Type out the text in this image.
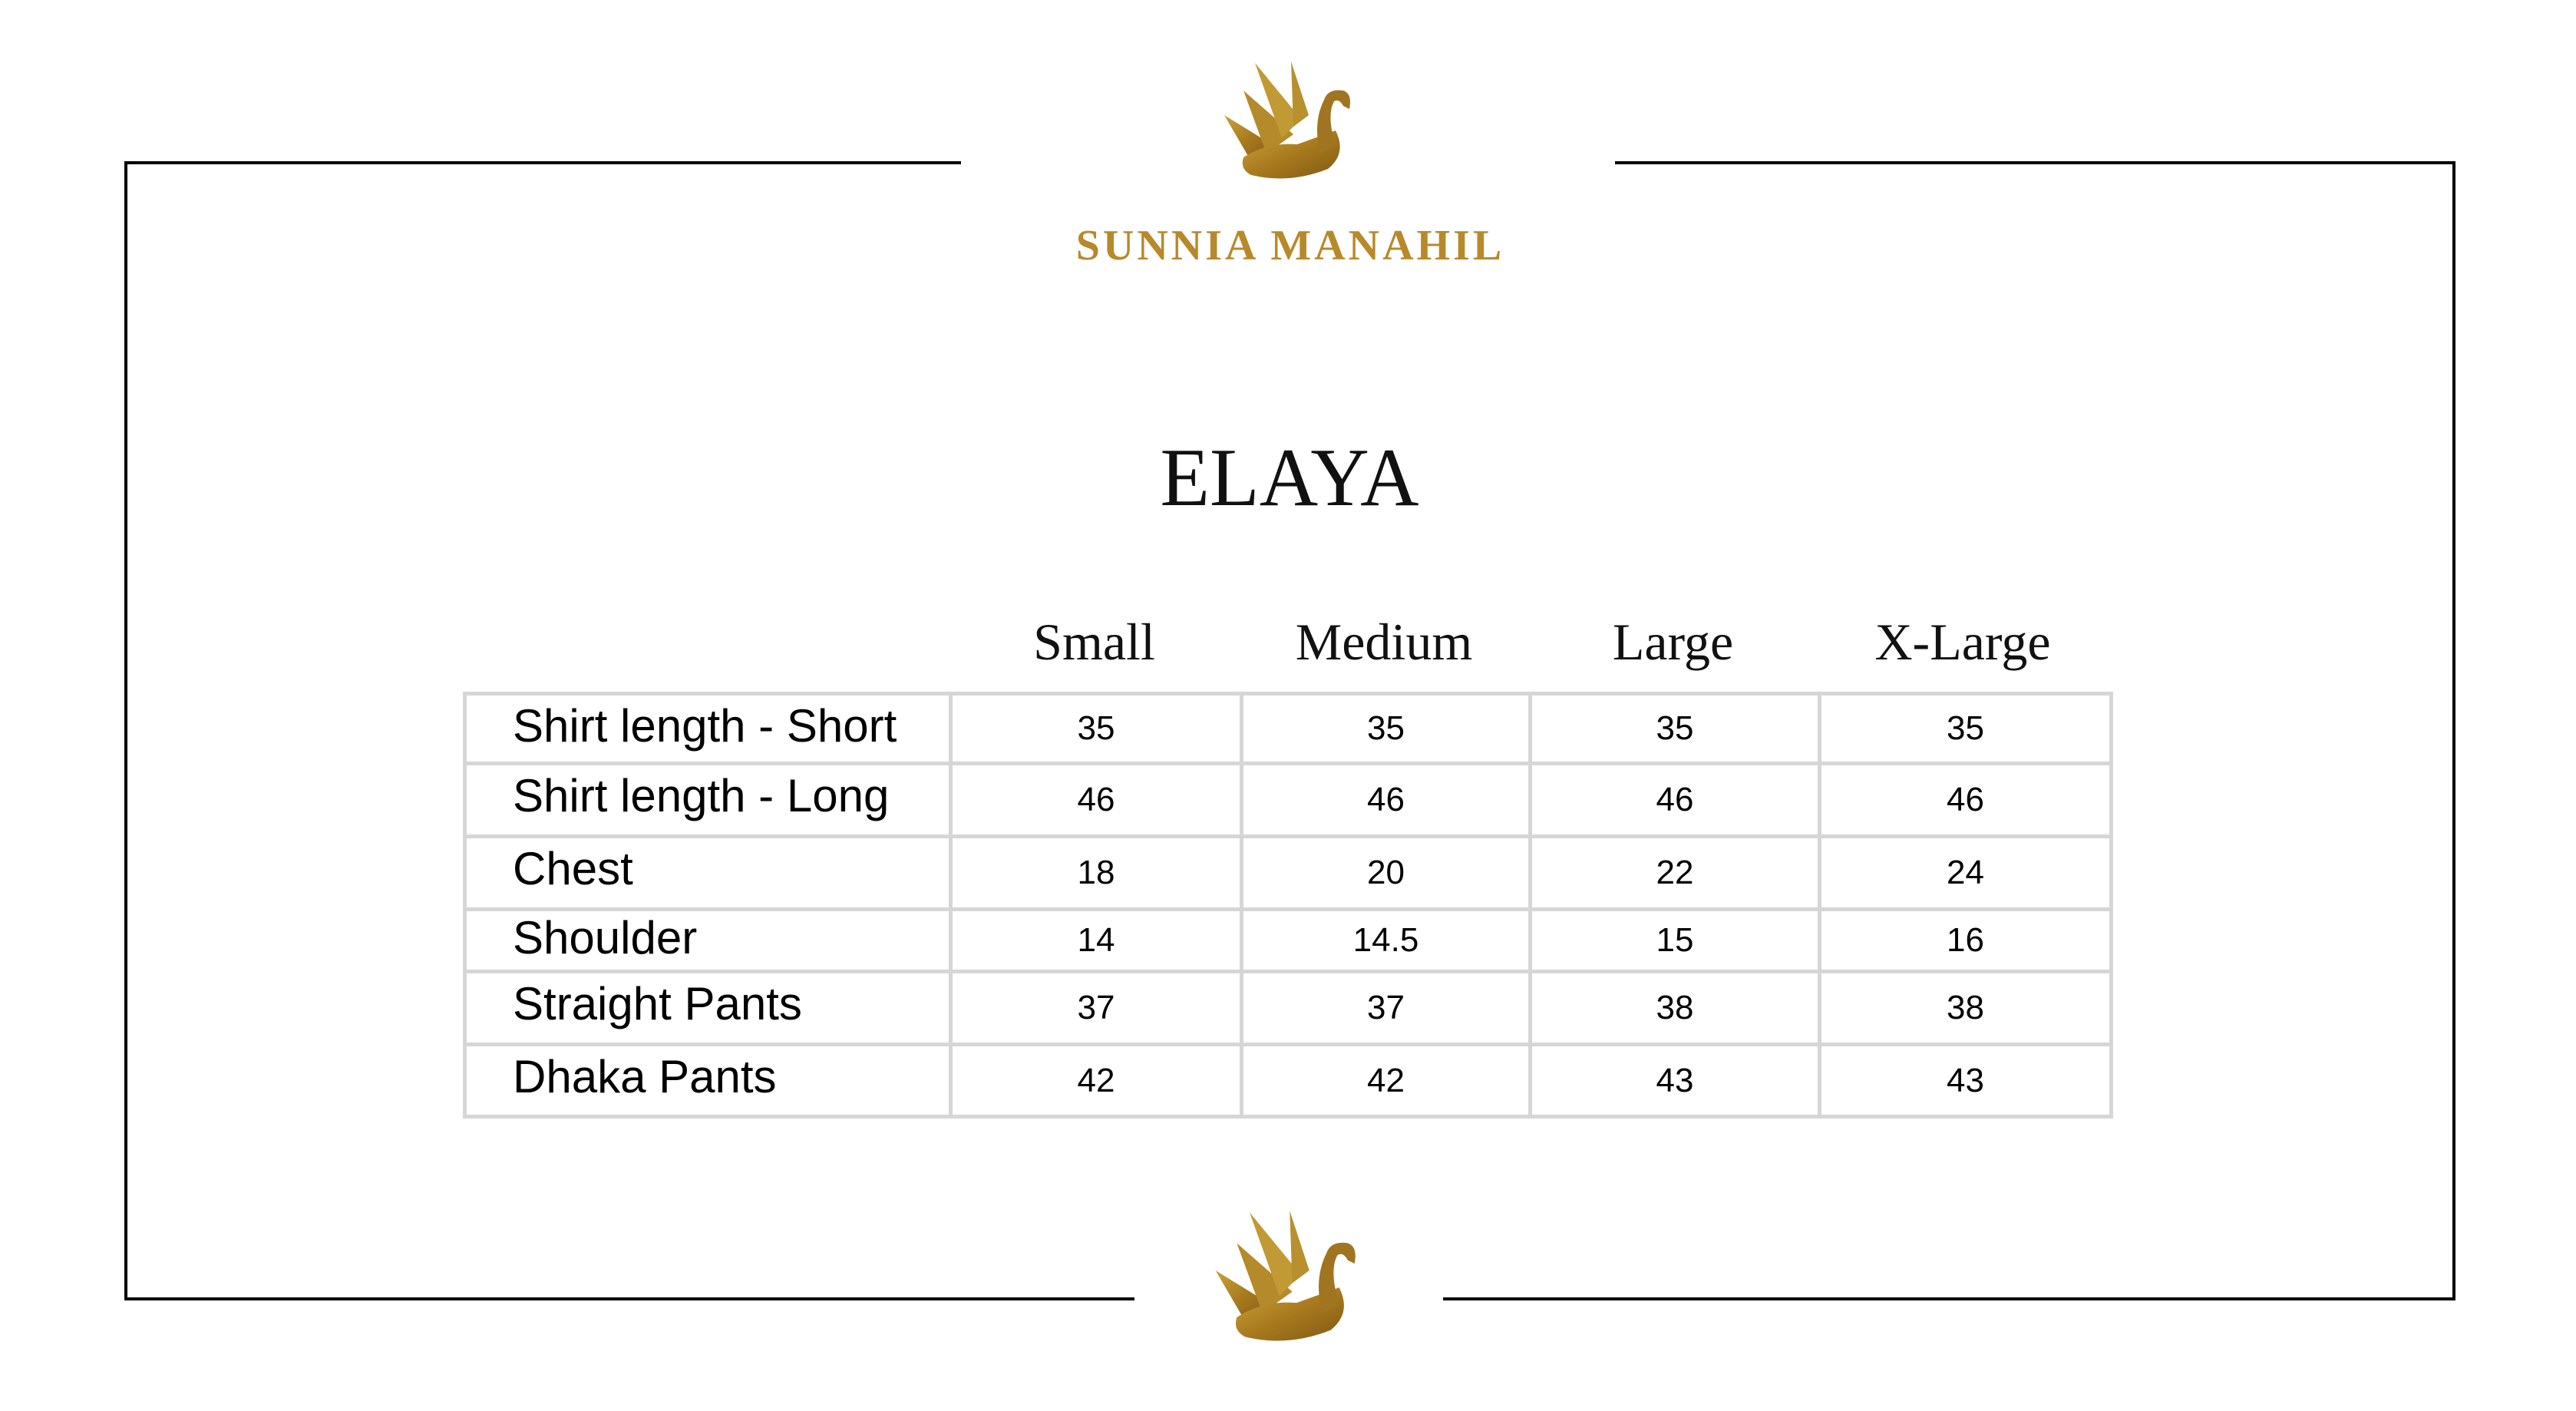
SUNNIA MANAHIL
ELAYA
Small	Medium	Large	X-Large
Shirt length - Short	35	35	35	35
Shirt length - Long	46	46	46	46
Chest	18	20	22	24
Shoulder	14	14.5	15	16
Straight Pants	37	37	38	38
Dhaka Pants	42	42	43	43
